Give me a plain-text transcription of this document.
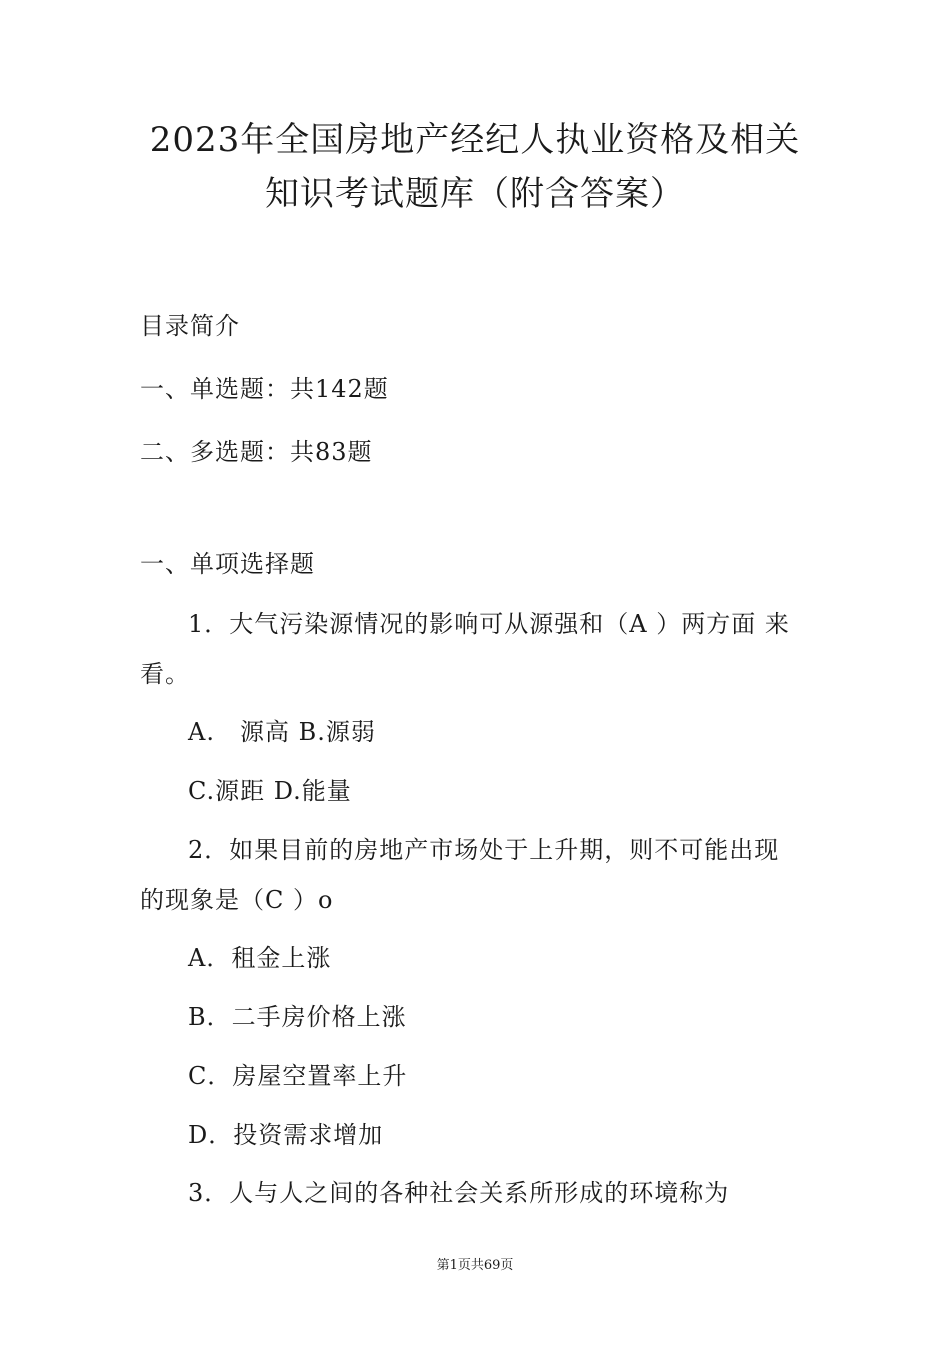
2023年全国房地产经纪人执业资格及相关
知识考试题库（附含答案）
目录简介
一、单选题：共142题
二、多选题：共83题
一、单项选择题
1．大气污染源情况的影响可从源强和（A ）两方面 来
看。
A.　源高 B.源弱
C.源距 D.能量
2．如果目前的房地产市场处于上升期，则不可能出现
的现象是（C ）o
A．租金上涨
B．二手房价格上涨
C．房屋空置率上升
D．投资需求增加
3．人与人之间的各种社会关系所形成的环境称为
第1页共69页
